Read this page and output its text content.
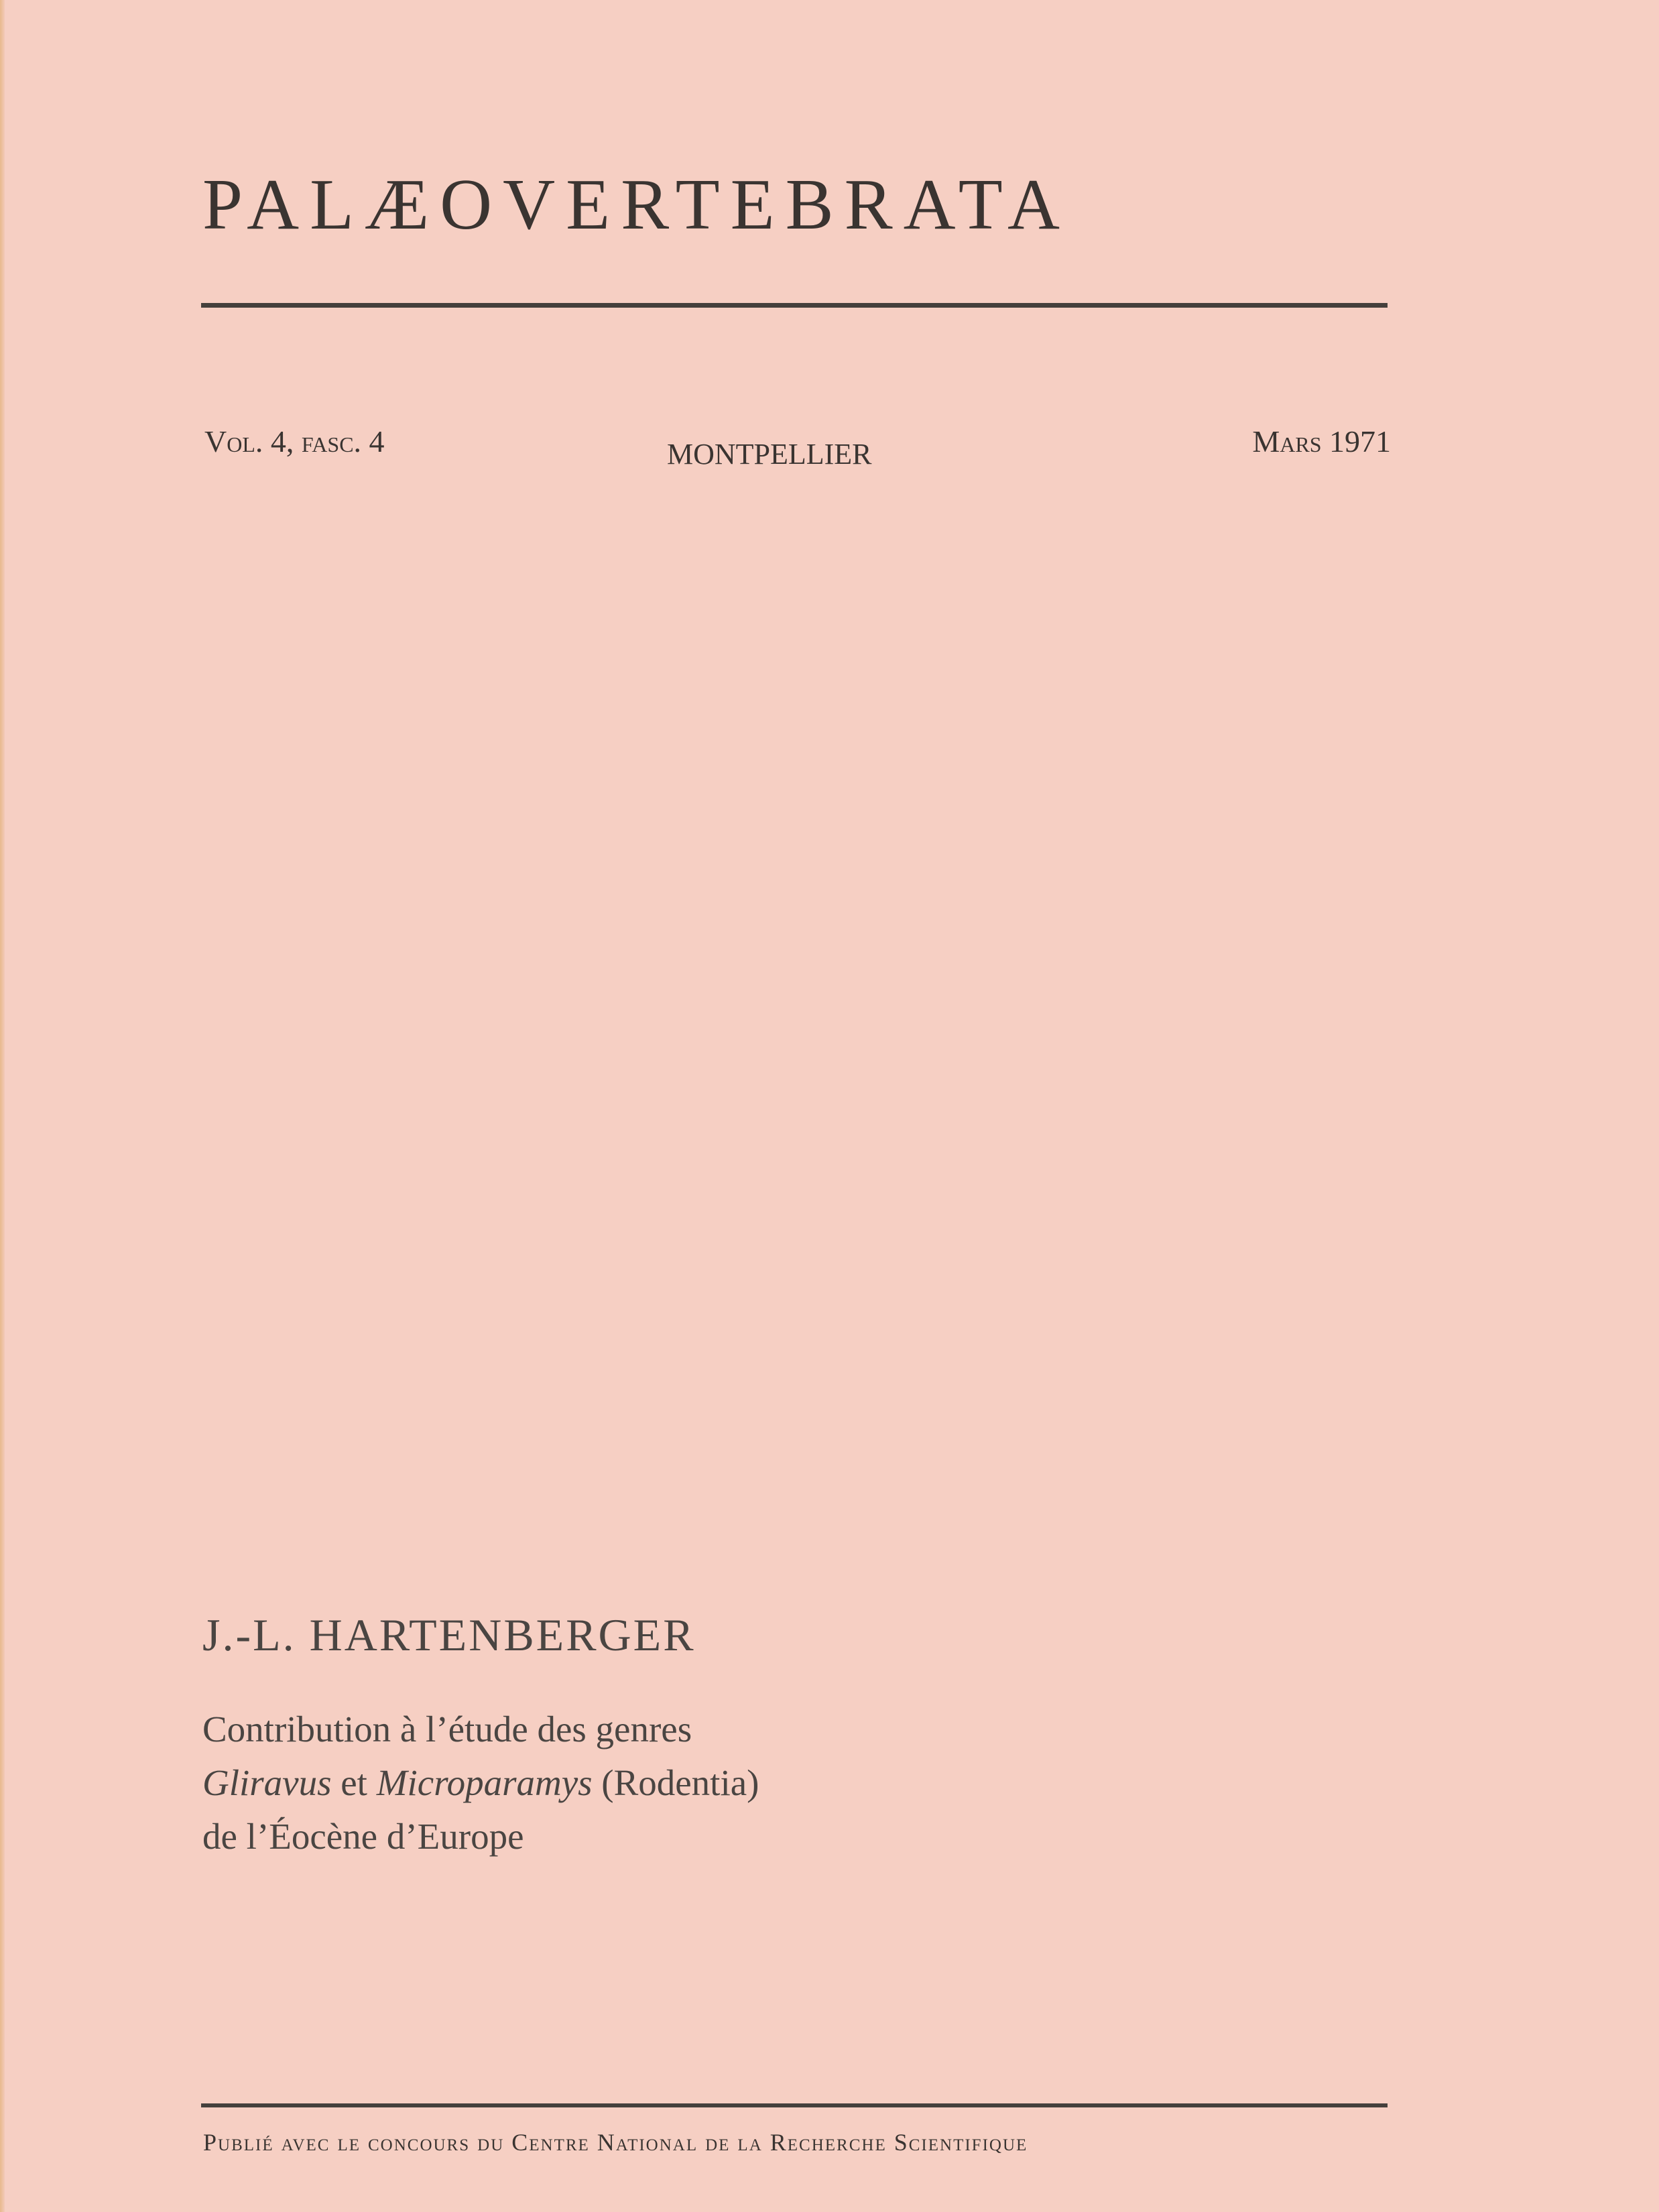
PALÆOVERTEBRATA
Vol. 4, fasc. 4	MONTPELLIER	Mars 1971
J.-L. HARTENBERGER
Contribution à l’étude des genres
Gliravus et Microparamys (Rodentia)
de l’Éocène d’Europe
Publié avec le concours du Centre National de la Recherche Scientifique
